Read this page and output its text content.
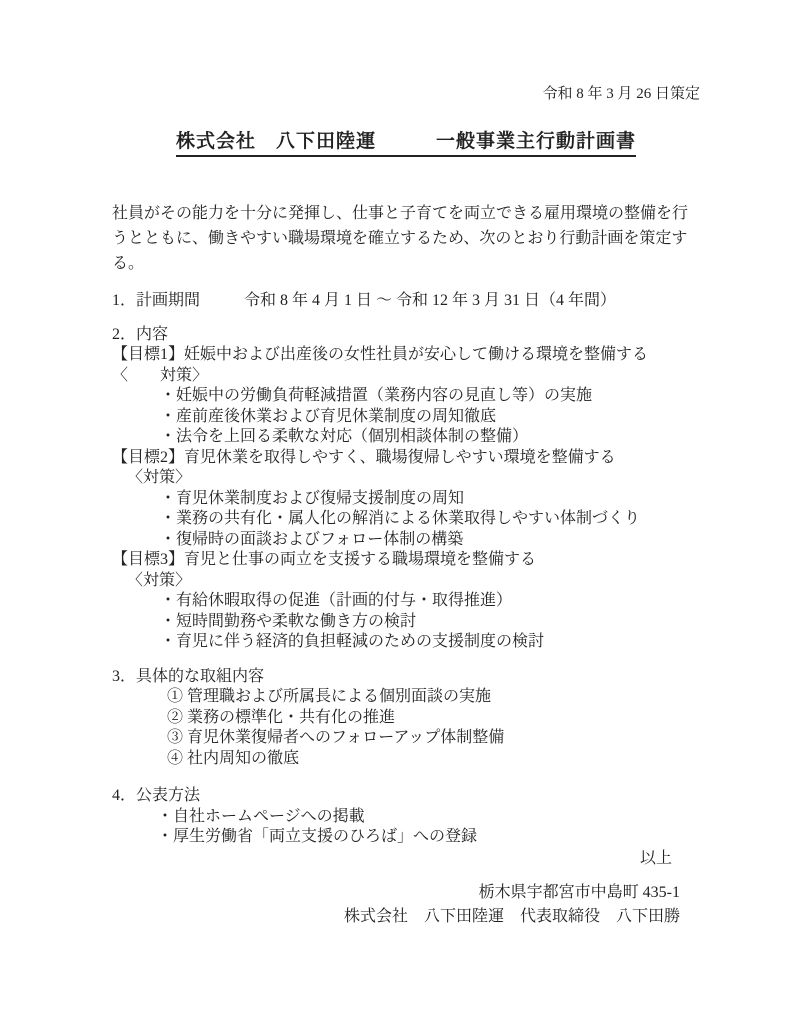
令和 8 年 3 月 26 日策定
株式会社　八下田陸運　　　一般事業主行動計画書
社員がその能力を十分に発揮し、仕事と子育てを両立できる雇用環境の整備を行
うとともに、働きやすい職場環境を確立するため、次のとおり行動計画を策定す
る。
1．計画期間	令和 8 年 4 月 1 日 ～ 令和 12 年 3 月 31 日（4 年間）
2．内容
【目標1】妊娠中および出産後の女性社員が安心して働ける環境を整備する
〈　　対策〉
・妊娠中の労働負荷軽減措置（業務内容の見直し等）の実施
・産前産後休業および育児休業制度の周知徹底
・法令を上回る柔軟な対応（個別相談体制の整備）
【目標2】育児休業を取得しやすく、職場復帰しやすい環境を整備する
〈対策〉
・育児休業制度および復帰支援制度の周知
・業務の共有化・属人化の解消による休業取得しやすい体制づくり
・復帰時の面談およびフォロー体制の構築
【目標3】育児と仕事の両立を支援する職場環境を整備する
〈対策〉
・有給休暇取得の促進（計画的付与・取得推進）
・短時間勤務や柔軟な働き方の検討
・育児に伴う経済的負担軽減のための支援制度の検討
3．具体的な取組内容
① 管理職および所属長による個別面談の実施
② 業務の標準化・共有化の推進
③ 育児休業復帰者へのフォローアップ体制整備
④ 社内周知の徹底
4．公表方法
・自社ホームページへの掲載
・厚生労働省「両立支援のひろば」への登録
以上
栃木県宇都宮市中島町 435-1
株式会社　八下田陸運　代表取締役　八下田勝
